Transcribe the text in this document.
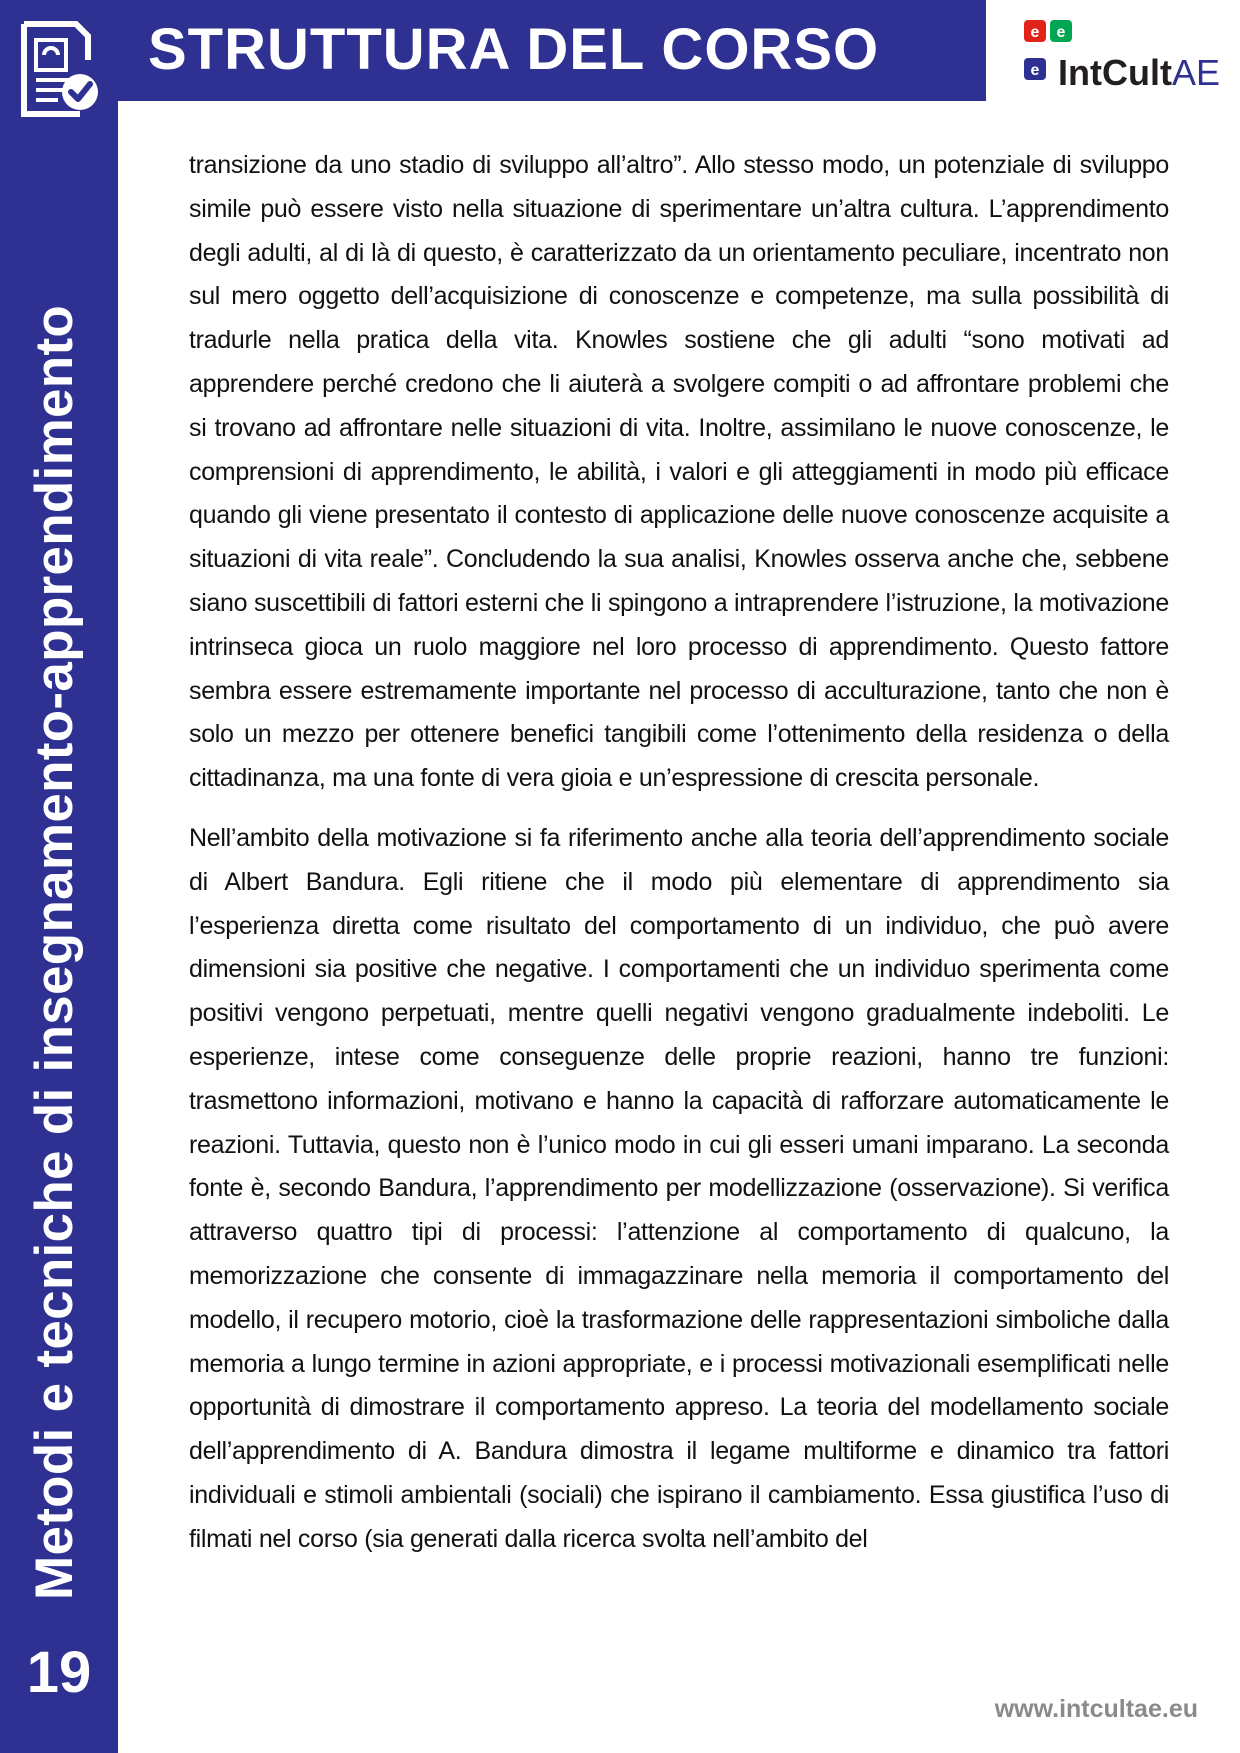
Metodi e tecniche di insegnamento-apprendimento
19
STRUTTURA DEL CORSO	e e
e IntCultAE

transizione da uno stadio di sviluppo all’altro”. Allo stesso modo, un potenziale di sviluppo simile può essere visto nella situazione di sperimentare un’altra cultura. L’apprendimento degli adulti, al di là di questo, è caratterizzato da un orientamento peculiare, incentrato non sul mero oggetto dell’acquisizione di conoscenze e competenze, ma sulla possibilità di tradurle nella pratica della vita. Knowles sostiene che gli adulti “sono motivati ad apprendere perché credono che li aiuterà a svolgere compiti o ad affrontare problemi che si trovano ad affrontare nelle situazioni di vita. Inoltre, assimilano le nuove conoscenze, le comprensioni di apprendimento, le abilità, i valori e gli atteggiamenti in modo più efficace quando gli viene presentato il contesto di applicazione delle nuove conoscenze acquisite a situazioni di vita reale”. Concludendo la sua analisi, Knowles osserva anche che, sebbene siano suscettibili di fattori esterni che li spingono a intraprendere l’istruzione, la motivazione intrinseca gioca un ruolo maggiore nel loro processo di apprendimento. Questo fattore sembra essere estremamente importante nel processo di acculturazione, tanto che non è solo un mezzo per ottenere benefici tangibili come l’ottenimento della residenza o della cittadinanza, ma una fonte di vera gioia e un’espressione di crescita personale.

Nell’ambito della motivazione si fa riferimento anche alla teoria dell’apprendimento sociale di Albert Bandura. Egli ritiene che il modo più elementare di apprendimento sia l’esperienza diretta come risultato del comportamento di un individuo, che può avere dimensioni sia positive che negative. I comportamenti che un individuo sperimenta come positivi vengono perpetuati, mentre quelli negativi vengono gradualmente indeboliti. Le esperienze, intese come conseguenze delle proprie reazioni, hanno tre funzioni: trasmettono informazioni, motivano e hanno la capacità di rafforzare automaticamente le reazioni. Tuttavia, questo non è l’unico modo in cui gli esseri umani imparano. La seconda fonte è, secondo Bandura, l’apprendimento per modellizzazione (osservazione). Si verifica attraverso quattro tipi di processi: l’attenzione al comportamento di qualcuno, la memorizzazione che consente di immagazzinare nella memoria il comportamento del modello, il recupero motorio, cioè la trasformazione delle rappresentazioni simboliche dalla memoria a lungo termine in azioni appropriate, e i processi motivazionali esemplificati nelle opportunità di dimostrare il comportamento appreso. La teoria del modellamento sociale dell’apprendimento di A. Bandura dimostra il legame multiforme e dinamico tra fattori individuali e stimoli ambientali (sociali) che ispirano il cambiamento. Essa giustifica l’uso di filmati nel corso (sia generati dalla ricerca svolta nell’ambito del

www.intcultae.eu
